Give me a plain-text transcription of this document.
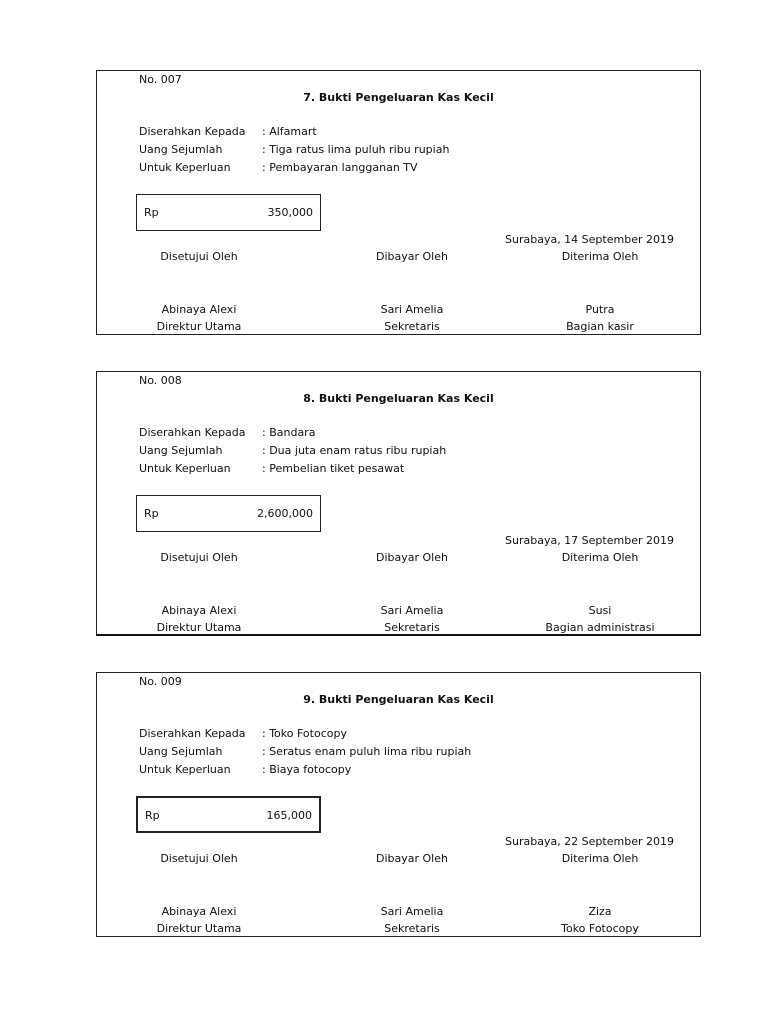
No. 007
7. Bukti Pengeluaran Kas Kecil
Diserahkan Kepada : Alfamart
Uang Sejumlah	: Tiga ratus lima puluh ribu rupiah
Untuk Keperluan	: Pembayaran langganan TV
Rp	350,000
Surabaya, 14 September 2019
Disetujui Oleh	Dibayar Oleh	Diterima Oleh
Abinaya Alexi	Sari Amelia	Putra
Direktur Utama	Sekretaris	Bagian kasir
No. 008
8. Bukti Pengeluaran Kas Kecil
Diserahkan Kepada : Bandara
Uang Sejumlah	: Dua juta enam ratus ribu rupiah
Untuk Keperluan	: Pembelian tiket pesawat
Rp	2,600,000
Surabaya, 17 September 2019
Disetujui Oleh	Dibayar Oleh	Diterima Oleh
Abinaya Alexi	Sari Amelia	Susi
Direktur Utama	Sekretaris	Bagian administrasi
No. 009
9. Bukti Pengeluaran Kas Kecil
Diserahkan Kepada : Toko Fotocopy
Uang Sejumlah	: Seratus enam puluh lima ribu rupiah
Untuk Keperluan	: Biaya fotocopy
Rp	165,000
Surabaya, 22 September 2019
Disetujui Oleh	Dibayar Oleh	Diterima Oleh
Abinaya Alexi	Sari Amelia	Ziza
Direktur Utama	Sekretaris	Toko Fotocopy
